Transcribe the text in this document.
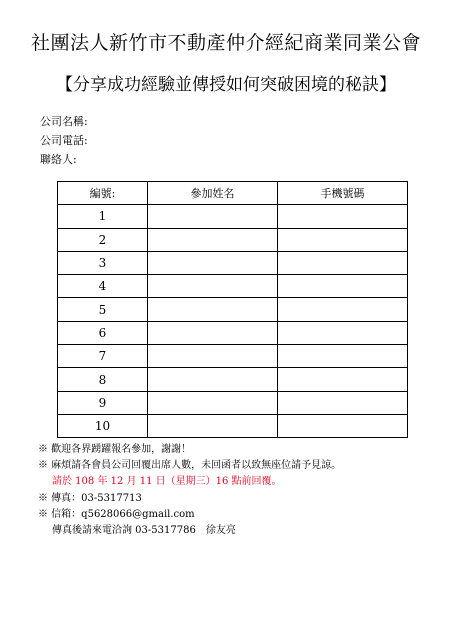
社團法人新竹市不動產仲介經紀商業同業公會
【分享成功經驗並傳授如何突破困境的秘訣】
公司名稱:
公司電話:
聯絡人:
編號:	參加姓名	手機號碼
1		
2		
3		
4		
5		
6		
7		
8		
9		
10		
※ 歡迎各界踴躍報名參加，謝謝！
※ 麻煩請各會員公司回覆出席人數，未回函者以致無座位請予見諒。
請於 108 年 12 月 11 日（星期三）16 點前回覆。
※ 傳真：03-5317713
※ 信箱：q5628066@gmail.com
傳真後請來電洽詢 03-5317786　徐友亮
